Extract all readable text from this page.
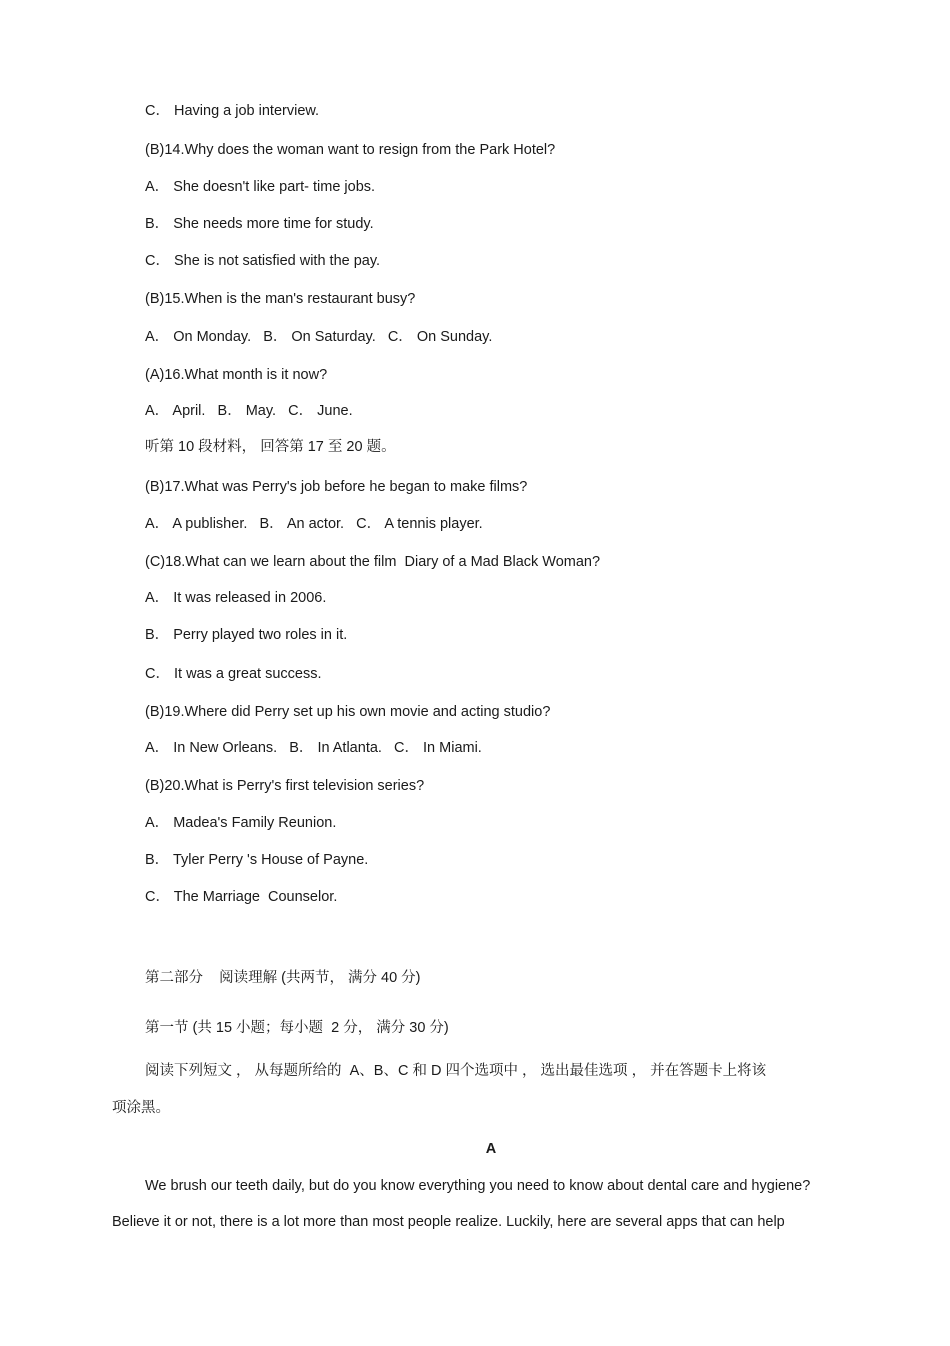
C． Having a job interview.
(B)14.Why does the woman want to resign from the Park Hotel?
A． She doesn't like part- time jobs.
B． She needs more time for study.
C． She is not satisfied with the pay.
(B)15.When is the man's restaurant busy?
A． On Monday.   B． On Saturday.   C． On Sunday.
(A)16.What month is it now?
A． April.   B． May.   C． June.
听第 10 段材料， 回答第 17 至 20 题。
(B)17.What was Perry's job before he began to make films?
A． A publisher.   B． An actor.   C． A tennis player.
(C)18.What can we learn about the film  Diary of a Mad Black Woman?
A． It was released in 2006.
B． Perry played two roles in it.
C． It was a great success.
(B)19.Where did Perry set up his own movie and acting studio?
A． In New Orleans.   B． In Atlanta.   C． In Miami.
(B)20.What is Perry's first television series?
A． Madea's Family Reunion.
B． Tyler Perry 's House of Payne.
C． The Marriage  Counselor.
第二部分    阅读理解 (共两节， 满分 40 分)
第一节 (共 15 小题；每小题  2 分， 满分 30 分)
阅读下列短文 ， 从每题所给的  A、B、C 和 D 四个选项中 ， 选出最佳选项 ， 并在答题卡上将该
项涂黑。
A
We brush our teeth daily, but do you know everything you need to know about dental care and hygiene?
Believe it or not, there is a lot more than most people realize. Luckily, here are several apps that can help
